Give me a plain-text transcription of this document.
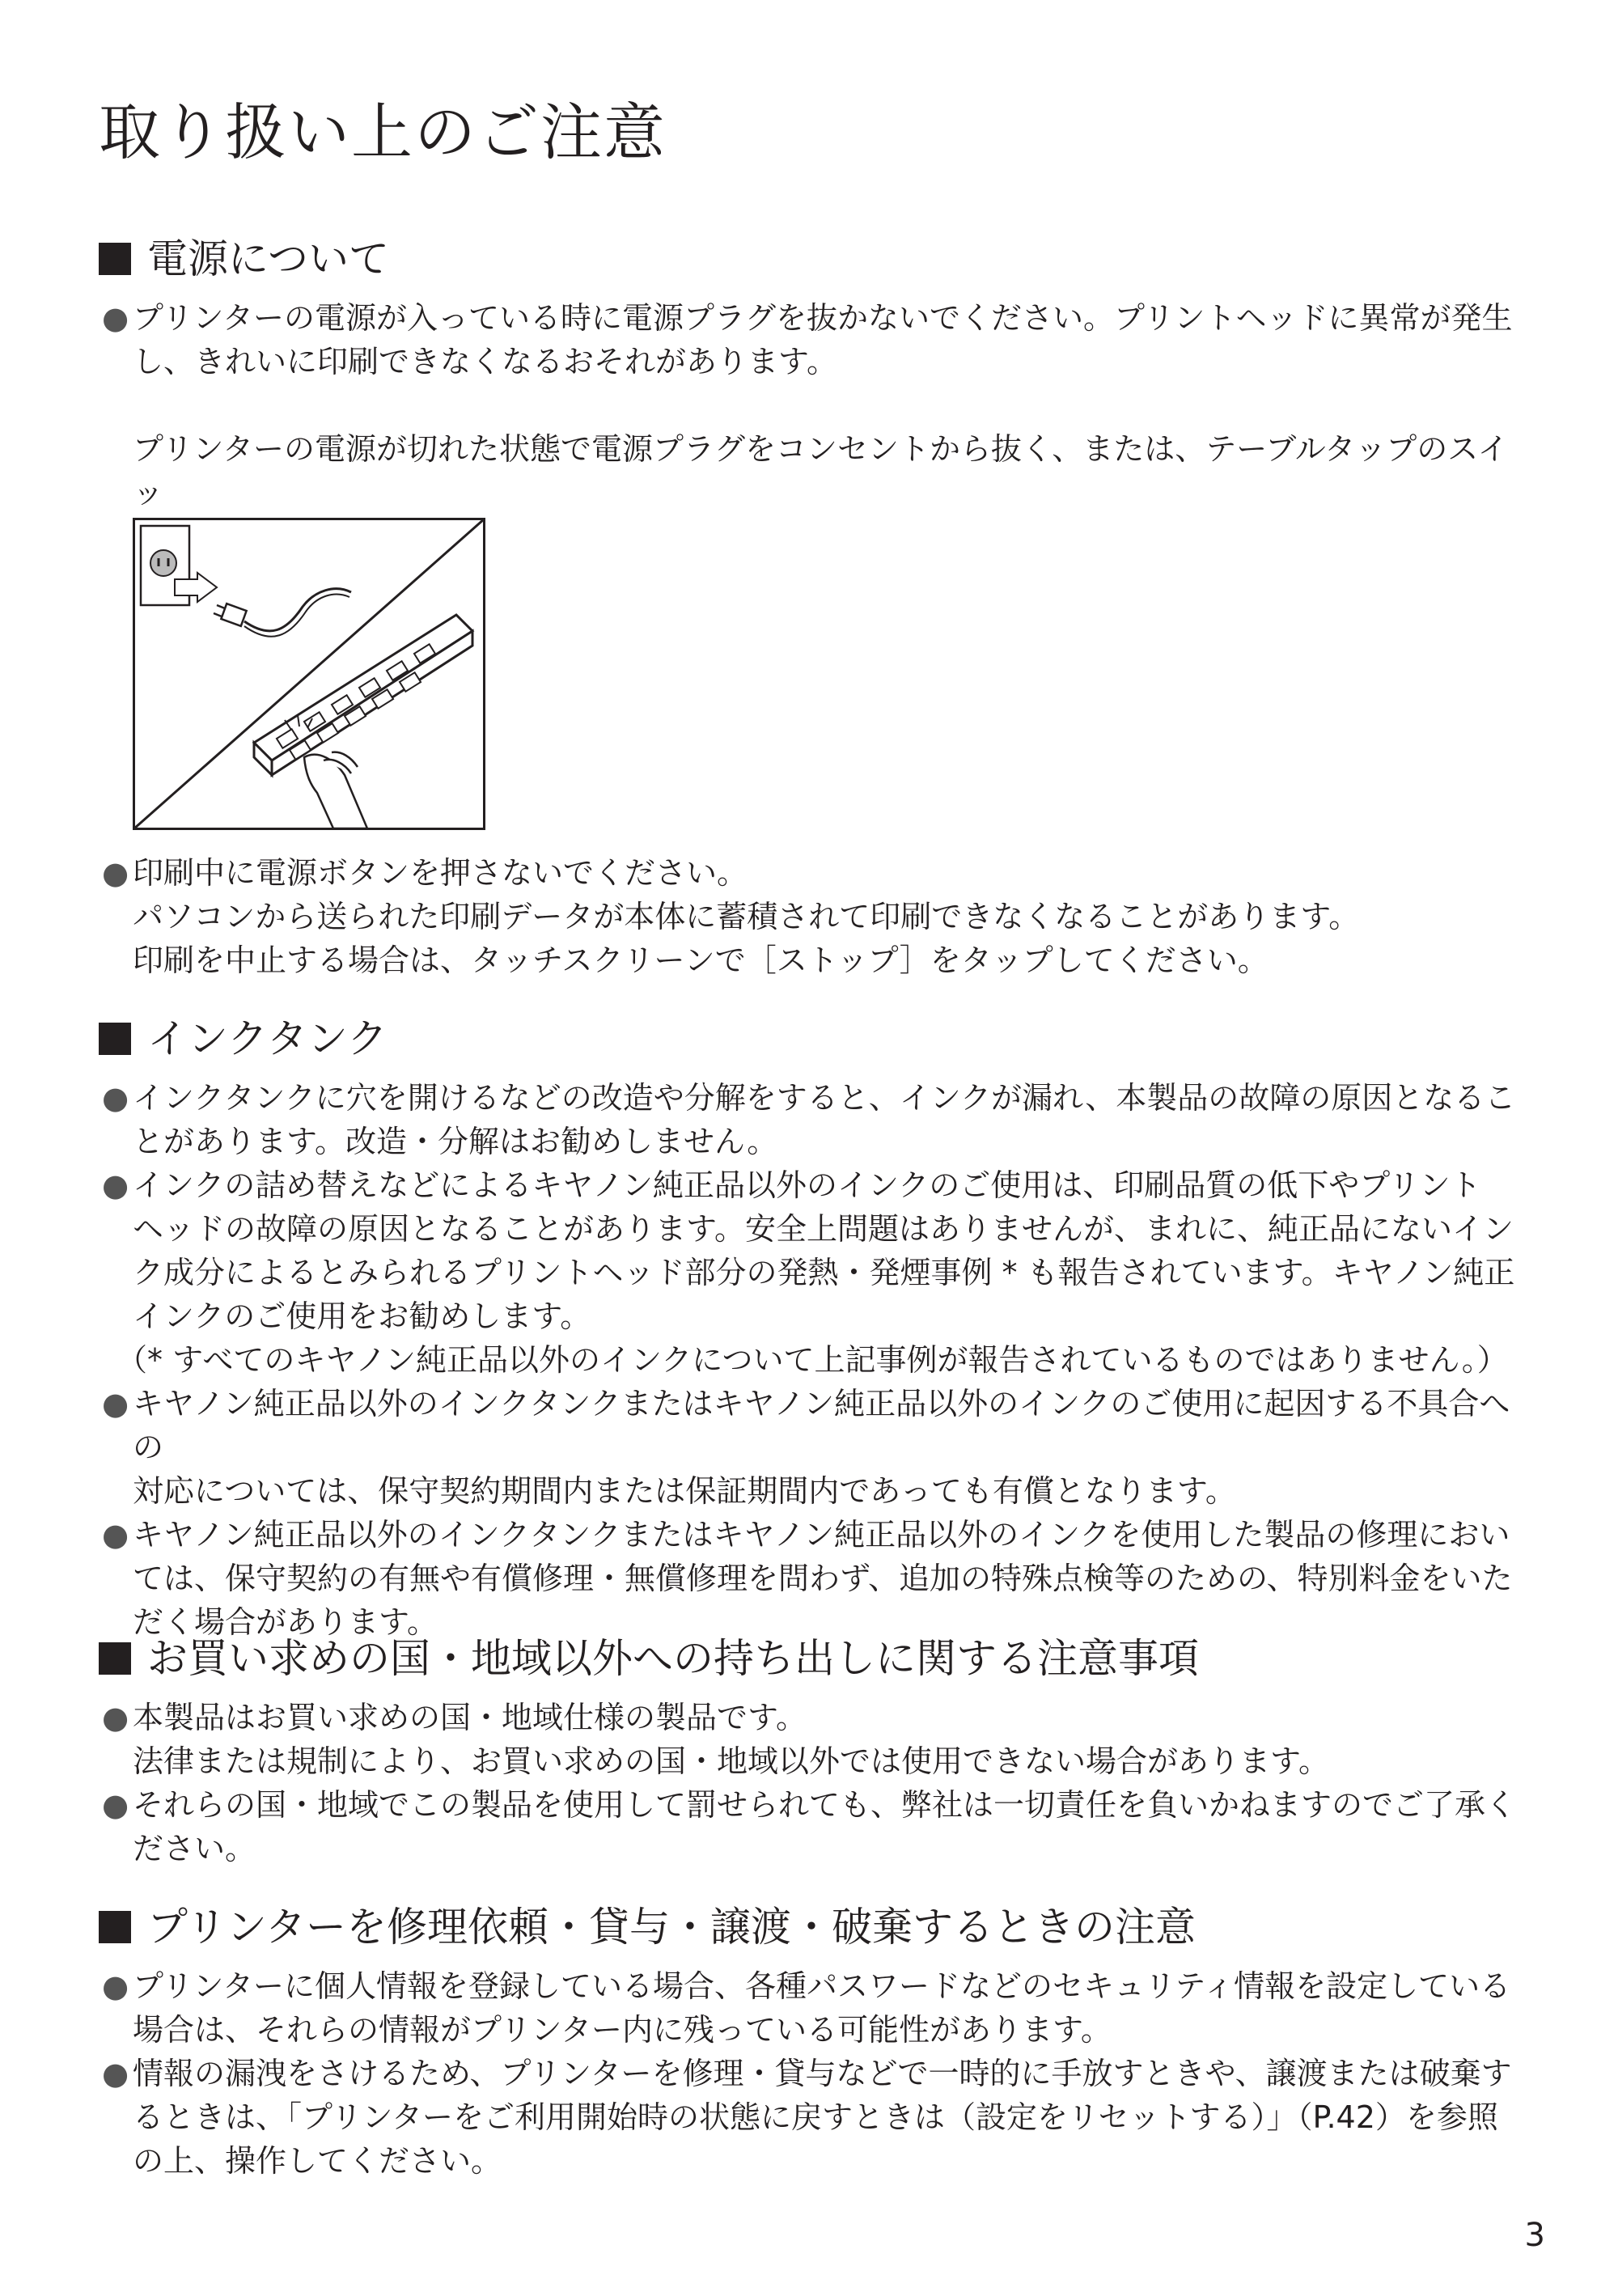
取り扱い上のご注意
電源について
● プリンターの電源が入っている時に電源プラグを抜かないでください。プリントヘッドに異常が発生

し、きれいに印刷できなくなるおそれがあります。

プリンターの電源が切れた状態で電源プラグをコンセントから抜く、または、テーブルタップのスイッ

● 印刷中に電源ボタンを押さないでください。

パソコンから送られた印刷データが本体に蓄積されて印刷できなくなることがあります。

印刷を中止する場合は、タッチスクリーンで［ストップ］をタップしてください。

インクタンク
● インクタンクに穴を開けるなどの改造や分解をすると、インクが漏れ、本製品の故障の原因となるこ

とがあります。改造・分解はお勧めしません。

● インクの詰め替えなどによるキヤノン純正品以外のインクのご使用は、印刷品質の低下やプリント

ヘッドの故障の原因となることがあります。安全上問題はありませんが、まれに、純正品にないイン

ク成分によるとみられるプリントヘッド部分の発熱・発煙事例 * も報告されています。キヤノン純正

インクのご使用をお勧めします。

（* すべてのキヤノン純正品以外のインクについて上記事例が報告されているものではありません。）

● キヤノン純正品以外のインクタンクまたはキヤノン純正品以外のインクのご使用に起因する不具合への

対応については、保守契約期間内または保証期間内であっても有償となります。

● キヤノン純正品以外のインクタンクまたはキヤノン純正品以外のインクを使用した製品の修理におい

ては、保守契約の有無や有償修理・無償修理を問わず、追加の特殊点検等のための、特別料金をいた

だく場合があります。

お買い求めの国・地域以外への持ち出しに関する注意事項
● 本製品はお買い求めの国・地域仕様の製品です。

法律または規制により、お買い求めの国・地域以外では使用できない場合があります。

● それらの国・地域でこの製品を使用して罰せられても、弊社は一切責任を負いかねますのでご了承く

ださい。

プリンターを修理依頼・貸与・譲渡・破棄するときの注意
● プリンターに個人情報を登録している場合、各種パスワードなどのセキュリティ情報を設定している

場合は、それらの情報がプリンター内に残っている可能性があります。

● 情報の漏洩をさけるため、プリンターを修理・貸与などで一時的に手放すときや、譲渡または破棄す

るときは、「プリンターをご利用開始時の状態に戻すときは（設定をリセットする）」（P.42）を参照

の上、操作してください。

3
